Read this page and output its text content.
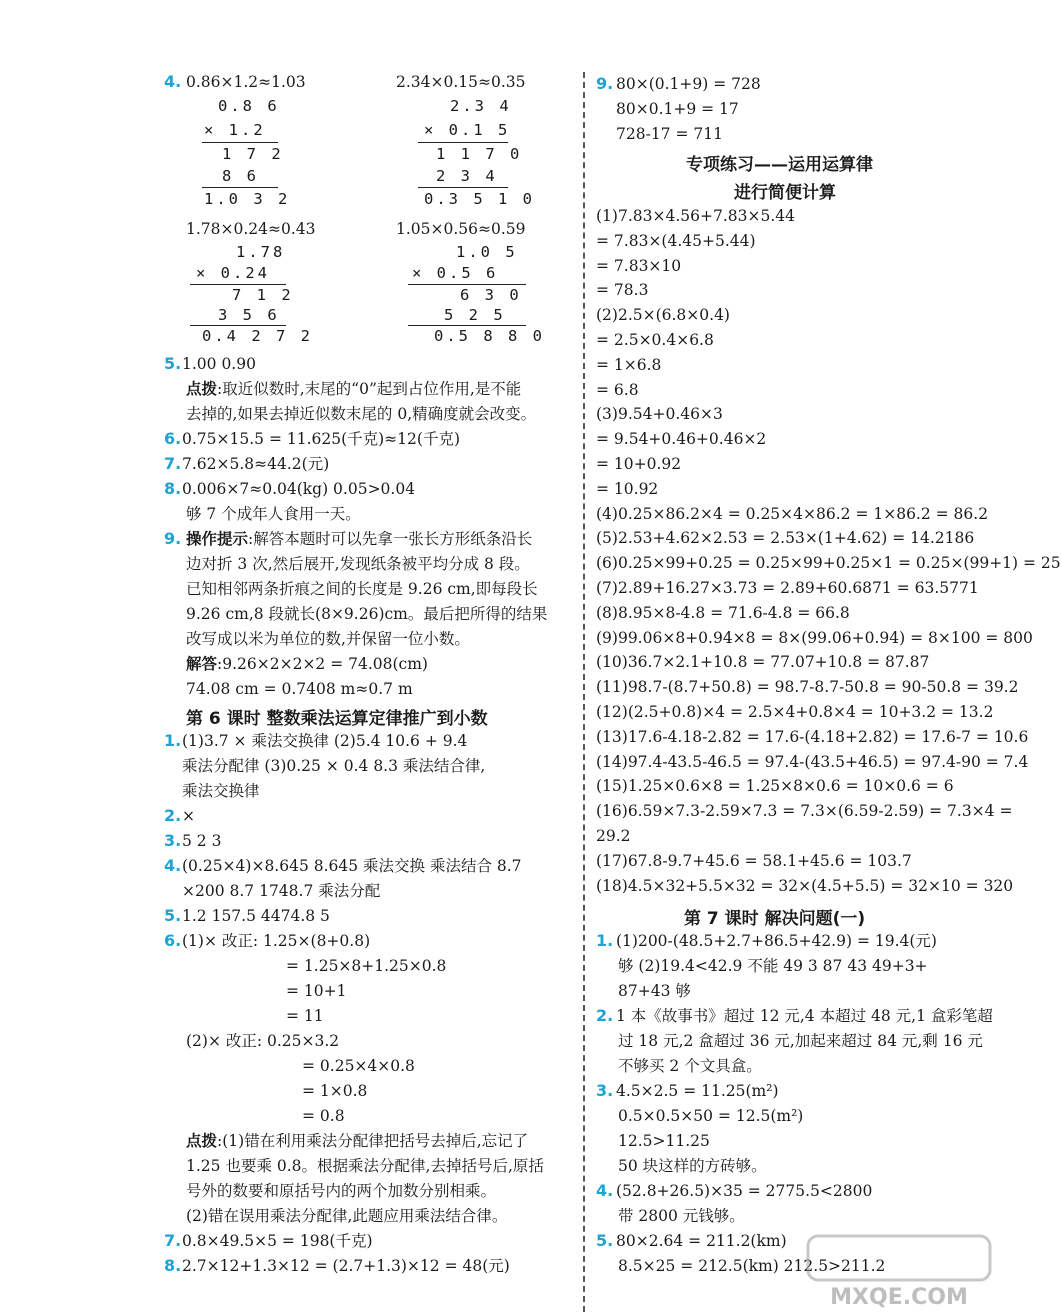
4. 0.86×1.2≈1.03
0.8 6
× 1.2
1 7 2
8 6
1.0 3 2
2.34×0.15≈0.35
2.3 4
× 0.1 5
1 1 7 0
2 3 4
0.3 5 1 0
1.78×0.24≈0.43
1.78
× 0.24
7 1 2
3 5 6
0.4 2 7 2
1.05×0.56≈0.59
1.0 5
× 0.5 6
6 3 0
5 2 5
0.5 8 8 0
5. 1.00 0.90
点拨:取近似数时,末尾的“0”起到占位作用,是不能
去掉的,如果去掉近似数末尾的 0,精确度就会改变。
6. 0.75×15.5 = 11.625(千克)≈12(千克)
7. 7.62×5.8≈44.2(元)
8. 0.006×7≈0.04(kg) 0.05>0.04
够 7 个成年人食用一天。
9. 操作提示:解答本题时可以先拿一张长方形纸条沿长
边对折 3 次,然后展开,发现纸条被平均分成 8 段。
已知相邻两条折痕之间的长度是 9.26 cm,即每段长
9.26 cm,8 段就长(8×9.26)cm。最后把所得的结果
改写成以米为单位的数,并保留一位小数。
解答:9.26×2×2×2 = 74.08(cm)
74.08 cm = 0.7408 m≈0.7 m
第 6 课时 整数乘法运算定律推广到小数
1. (1)3.7 × 乘法交换律 (2)5.4 10.6 + 9.4
乘法分配律 (3)0.25 × 0.4 8.3 乘法结合律,
乘法交换律
2. ×
3. 5 2 3
4. (0.25×4)×8.645 8.645 乘法交换 乘法结合 8.7
×200 8.7 1748.7 乘法分配
5. 1.2 157.5 4474.8 5
6. (1)× 改正: 1.25×(8+0.8)
= 1.25×8+1.25×0.8
= 10+1
= 11
(2)× 改正: 0.25×3.2
= 0.25×4×0.8
= 1×0.8
= 0.8
点拨:(1)错在利用乘法分配律把括号去掉后,忘记了
1.25 也要乘 0.8。根据乘法分配律,去掉括号后,原括
号外的数要和原括号内的两个加数分别相乘。
(2)错在误用乘法分配律,此题应用乘法结合律。
7. 0.8×49.5×5 = 198(千克)
8. 2.7×12+1.3×12 = (2.7+1.3)×12 = 48(元)
9. 80×(0.1+9) = 728
80×0.1+9 = 17
728-17 = 711
专项练习——运用运算律
进行简便计算
(1)7.83×4.56+7.83×5.44
= 7.83×(4.45+5.44)
= 7.83×10
= 78.3
(2)2.5×(6.8×0.4)
= 2.5×0.4×6.8
= 1×6.8
= 6.8
(3)9.54+0.46×3
= 9.54+0.46+0.46×2
= 10+0.92
= 10.92
(4)0.25×86.2×4 = 0.25×4×86.2 = 1×86.2 = 86.2
(5)2.53+4.62×2.53 = 2.53×(1+4.62) = 14.2186
(6)0.25×99+0.25 = 0.25×99+0.25×1 = 0.25×(99+1) = 25
(7)2.89+16.27×3.73 = 2.89+60.6871 = 63.5771
(8)8.95×8-4.8 = 71.6-4.8 = 66.8
(9)99.06×8+0.94×8 = 8×(99.06+0.94) = 8×100 = 800
(10)36.7×2.1+10.8 = 77.07+10.8 = 87.87
(11)98.7-(8.7+50.8) = 98.7-8.7-50.8 = 90-50.8 = 39.2
(12)(2.5+0.8)×4 = 2.5×4+0.8×4 = 10+3.2 = 13.2
(13)17.6-4.18-2.82 = 17.6-(4.18+2.82) = 17.6-7 = 10.6
(14)97.4-43.5-46.5 = 97.4-(43.5+46.5) = 97.4-90 = 7.4
(15)1.25×0.6×8 = 1.25×8×0.6 = 10×0.6 = 6
(16)6.59×7.3-2.59×7.3 = 7.3×(6.59-2.59) = 7.3×4 =
29.2
(17)67.8-9.7+45.6 = 58.1+45.6 = 103.7
(18)4.5×32+5.5×32 = 32×(4.5+5.5) = 32×10 = 320
第 7 课时 解决问题(一)
1. (1)200-(48.5+2.7+86.5+42.9) = 19.4(元)
够 (2)19.4<42.9 不能 49 3 87 43 49+3+
87+43 够
2. 1 本《故事书》超过 12 元,4 本超过 48 元,1 盒彩笔超
过 18 元,2 盒超过 36 元,加起来超过 84 元,剩 16 元
不够买 2 个文具盒。
3. 4.5×2.5 = 11.25(m²)
0.5×0.5×50 = 12.5(m²)
12.5>11.25
50 块这样的方砖够。
4. (52.8+26.5)×35 = 2775.5<2800
带 2800 元钱够。
5. 80×2.64 = 211.2(km)
8.5×25 = 212.5(km) 212.5>211.2
MXQE.COM
